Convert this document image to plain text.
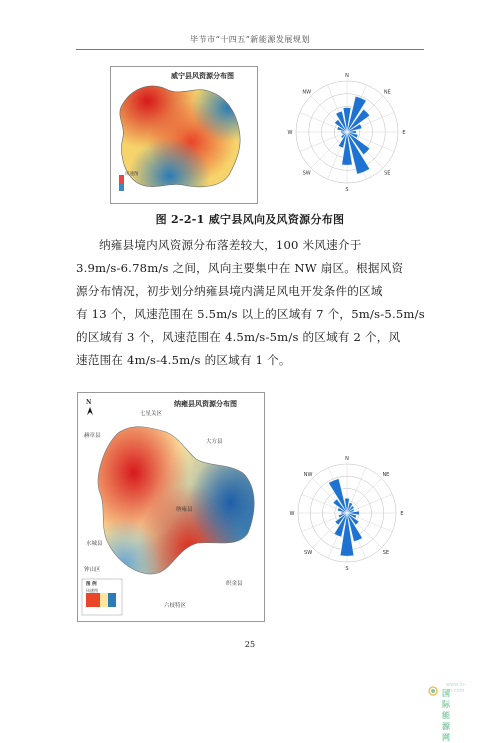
毕节市“十四五”新能源发展规划
威宁县风资源分布图
风速图
N
NE
E
SE
S
SW
W
NW
图 2-2-1 威宁县风向及风资源分布图
纳雍县境内风资源分布落差较大，100 米风速介于
3.9m/s-6.78m/s 之间，风向主要集中在 NW 扇区。根据风资
源分布情况，初步划分纳雍县境内满足风电开发条件的区域
有 13 个，风速范围在 5.5m/s 以上的区域有 7 个，5m/s-5.5m/s
的区域有 3 个，风速范围在 4.5m/s-5m/s 的区域有 2 个，风
速范围在 4m/s-4.5m/s 的区域有 1 个。
N	纳雍县风资源分布图
七星关区
赫章县
大方县
纳雍县
水城县
钟山区
织金县
六枝特区
图 例
风速图
N
NE
E
SE
S
SW
W
NW
25
国际能源网
www.in-en.com
